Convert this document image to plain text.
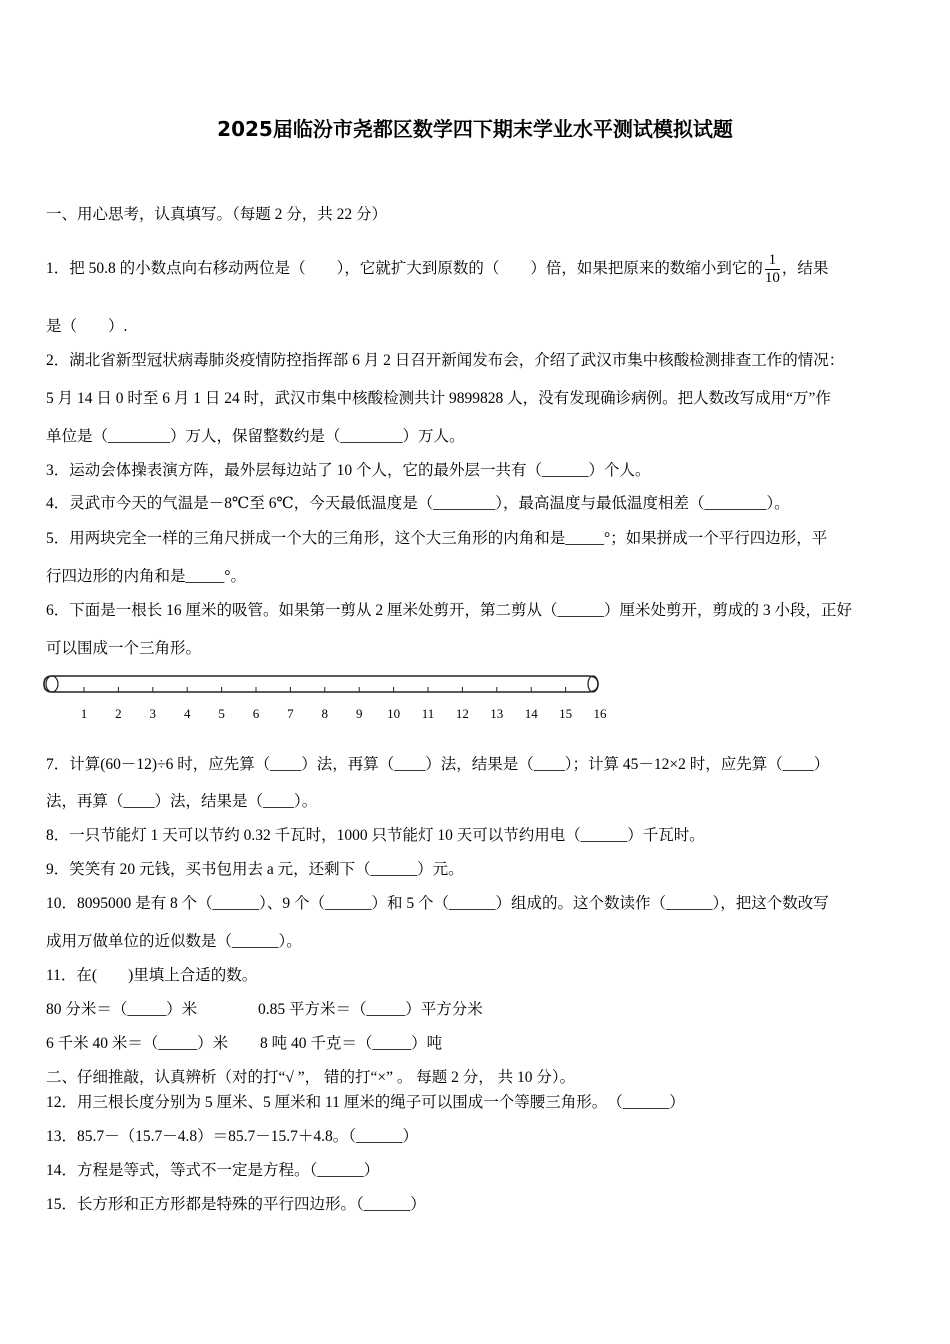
2025届临汾市尧都区数学四下期末学业水平测试模拟试题
一、用心思考，认真填写。（每题 2 分，共 22 分）
1．把 50.8 的小数点向右移动两位是（　　），它就扩大到原数的（　　）倍，如果把原来的数缩小到它的 $\frac{1}{10}$ ，结果
是（　　）.
2．湖北省新型冠状病毒肺炎疫情防控指挥部 6 月 2 日召开新闻发布会，介绍了武汉市集中核酸检测排查工作的情况：
5 月 14 日 0 时至 6 月 1 日 24 时，武汉市集中核酸检测共计 9899828 人，没有发现确诊病例。把人数改写成用“万”作
单位是（________）万人，保留整数约是（________）万人。
3．运动会体操表演方阵，最外层每边站了 10 个人，它的最外层一共有（______）个人。
4．灵武市今天的气温是－8℃至 6℃，今天最低温度是（________），最高温度与最低温度相差（________）。
5．用两块完全一样的三角尺拼成一个大的三角形，这个大三角形的内角和是_____°；如果拼成一个平行四边形，平
行四边形的内角和是_____°。
6．下面是一根长 16 厘米的吸管。如果第一剪从 2 厘米处剪开，第二剪从（______）厘米处剪开，剪成的 3 小段，正好
可以围成一个三角形。
1 2 3 4 5 6 7 8 9 10 11 12 13 14 15 16
7．计算(60－12)÷6 时，应先算（____）法，再算（____）法，结果是（____）；计算 45－12×2 时，应先算（____）
法，再算（____）法，结果是（____）。
8．一只节能灯 1 天可以节约 0.32 千瓦时，1000 只节能灯 10 天可以节约用电（______）千瓦时。
9．笑笑有 20 元钱，买书包用去 a 元，还剩下（______）元。
10．8095000 是有 8 个（______）、9 个（______）和 5 个（______）组成的。这个数读作（______），把这个数改写
成用万做单位的近似数是（______）。
11．在(　　)里填上合适的数。
80 分米＝（_____）米	0.85 平方米＝（_____）平方分米
6 千米 40 米＝（_____）米 8 吨 40 千克＝（_____）吨
二、仔细推敲，认真辨析（对的打“√ ”， 错的打“×” 。 每题 2 分， 共 10 分）。
12．用三根长度分别为 5 厘米、5 厘米和 11 厘米的绳子可以围成一个等腰三角形。　（______）
13．85.7－（15.7－4.8）＝85.7－15.7＋4.8。（______）
14．方程是等式，等式不一定是方程。（______）
15．长方形和正方形都是特殊的平行四边形。（______）
